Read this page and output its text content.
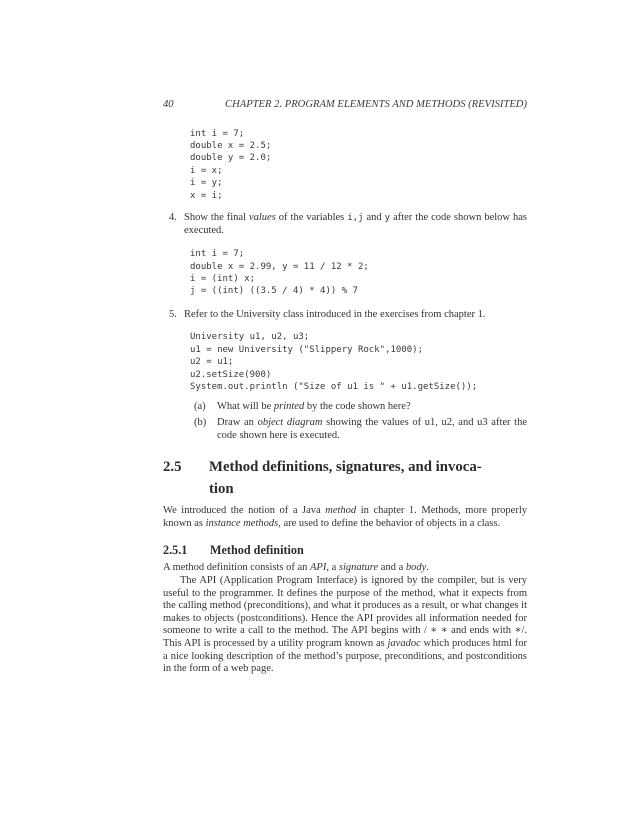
40	CHAPTER 2. PROGRAM ELEMENTS AND METHODS (REVISITED)
int i = 7;
double x = 2.5;
double y = 2.0;
i = x;
i = y;
x = i;
4. Show the final values of the variables i,j and y after the code shown below has executed.
int i = 7;
double x = 2.99, y = 11 / 12 * 2;
i = (int) x;
j = ((int) ((3.5 / 4) * 4)) % 7
5. Refer to the University class introduced in the exercises from chapter 1.
University u1, u2, u3;
u1 = new University ("Slippery Rock",1000);
u2 = u1;
u2.setSize(900)
System.out.println ("Size of u1 is " + u1.getSize());
(a) What will be printed by the code shown here?
(b) Draw an object diagram showing the values of u1, u2, and u3 after the code shown here is executed.
2.5	Method definitions, signatures, and invoca-
tion
We introduced the notion of a Java method in chapter 1. Methods, more properly known as instance methods, are used to define the behavior of objects in a class.
2.5.1	Method definition
A method definition consists of an API, a signature and a body.
The API (Application Program Interface) is ignored by the compiler, but is very useful to the programmer. It defines the purpose of the method, what it expects from the calling method (preconditions), and what it produces as a result, or what changes it makes to objects (postconditions). Hence the API provides all information needed for someone to write a call to the method. The API begins with / ∗ ∗ and ends with ∗/. This API is processed by a utility program known as javadoc which produces html for a nice looking description of the method’s purpose, preconditions, and postconditions in the form of a web page.
